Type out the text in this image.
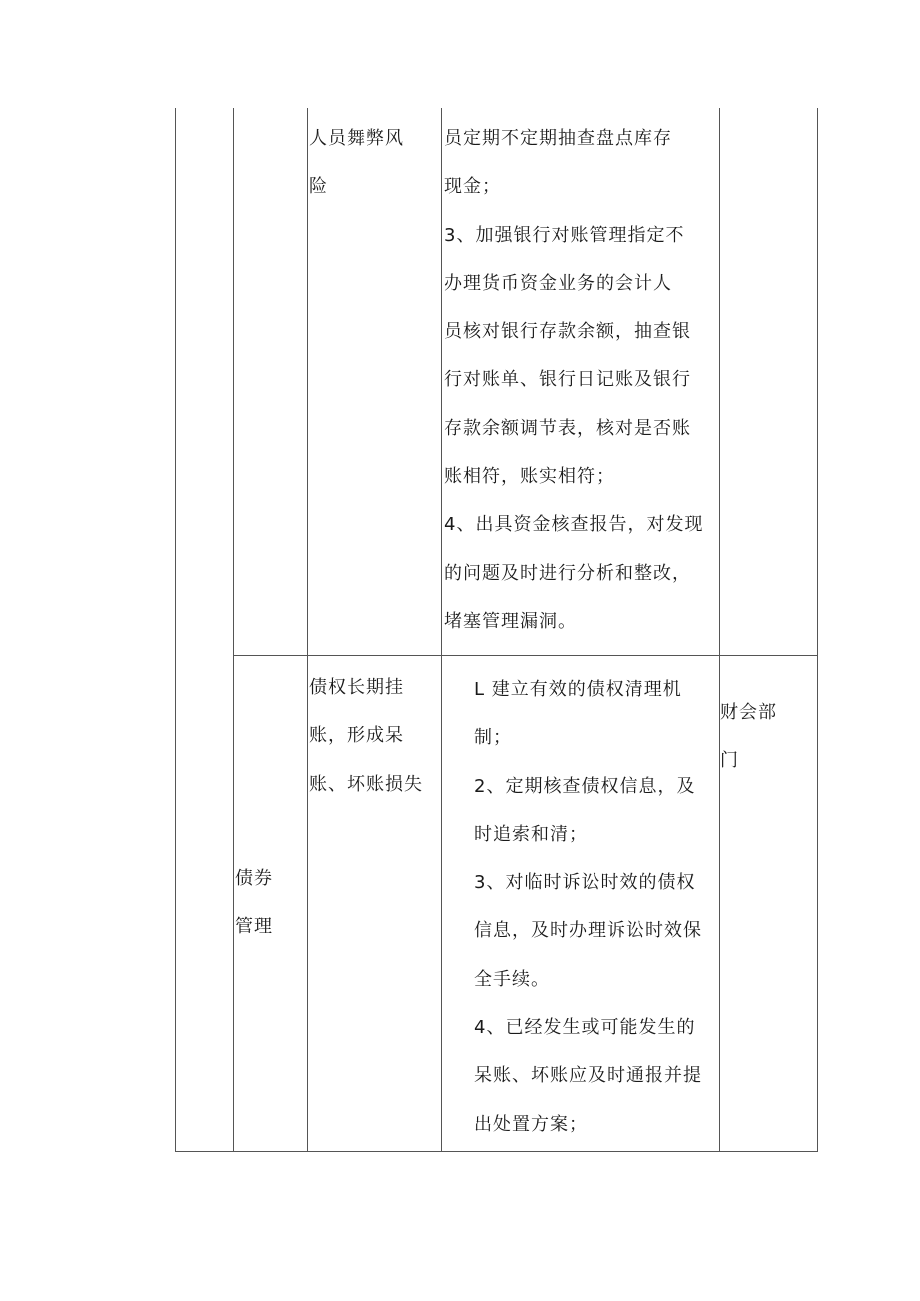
人员舞弊风
险
员定期不定期抽查盘点库存
现金；
3、加强银行对账管理指定不
办理货币资金业务的会计人
员核对银行存款余额，抽查银
行对账单、银行日记账及银行
存款余额调节表，核对是否账
账相符，账实相符；
4、出具资金核查报告，对发现
的问题及时进行分析和整改，
堵塞管理漏洞。
债券
管理
债权长期挂
账，形成呆
账、坏账损失
L 建立有效的债权清理机
制；
2、定期核查债权信息，及
时追索和清；
3、对临时诉讼时效的债权
信息，及时办理诉讼时效保
全手续。
4、已经发生或可能发生的
呆账、坏账应及时通报并提
出处置方案；
财会部
门
